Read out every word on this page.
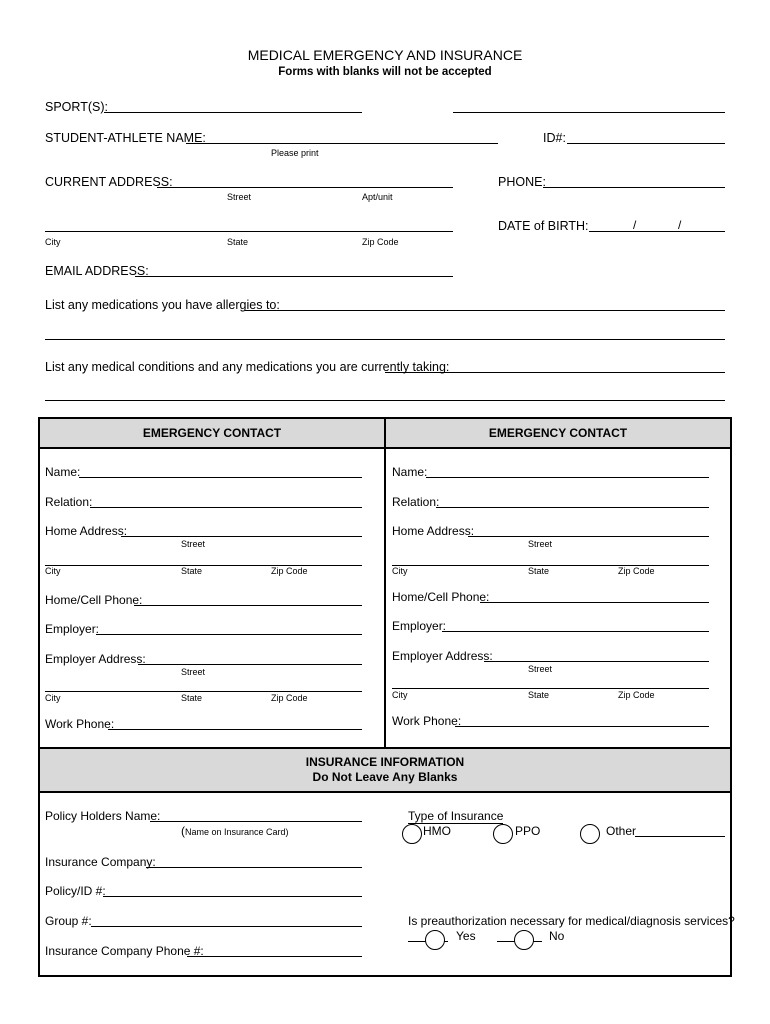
MEDICAL EMERGENCY AND INSURANCE
Forms with blanks will not be accepted
SPORT(S):
STUDENT-ATHLETE NAME:	ID#:
Please print
CURRENT ADDRESS:	PHONE:
Street	Apt/unit
DATE of BIRTH:	/	/
City	State	Zip Code
EMAIL ADDRESS:
List any medications you have allergies to:
List any medical conditions and any medications you are currently taking:
EMERGENCY CONTACT	EMERGENCY CONTACT
Name:
Relation:
Home Address:
Street
City	State	Zip Code
Home/Cell Phone:
Employer:
Employer Address:
Street
City	State	Zip Code
Work Phone:
Name:
Relation:
Home Address:
Street
City	State	Zip Code
Home/Cell Phone:
Employer:
Employer Address:
Street
City	State	Zip Code
Work Phone:
INSURANCE INFORMATION
Do Not Leave Any Blanks
Policy Holders Name:
( Name on Insurance Card)
Type of Insurance
HMO	PPO	Other
Insurance Company:
Policy/ID #:
Group #:	Is preauthorization necessary for medical/diagnosis services?
Yes	No
Insurance Company Phone #:
